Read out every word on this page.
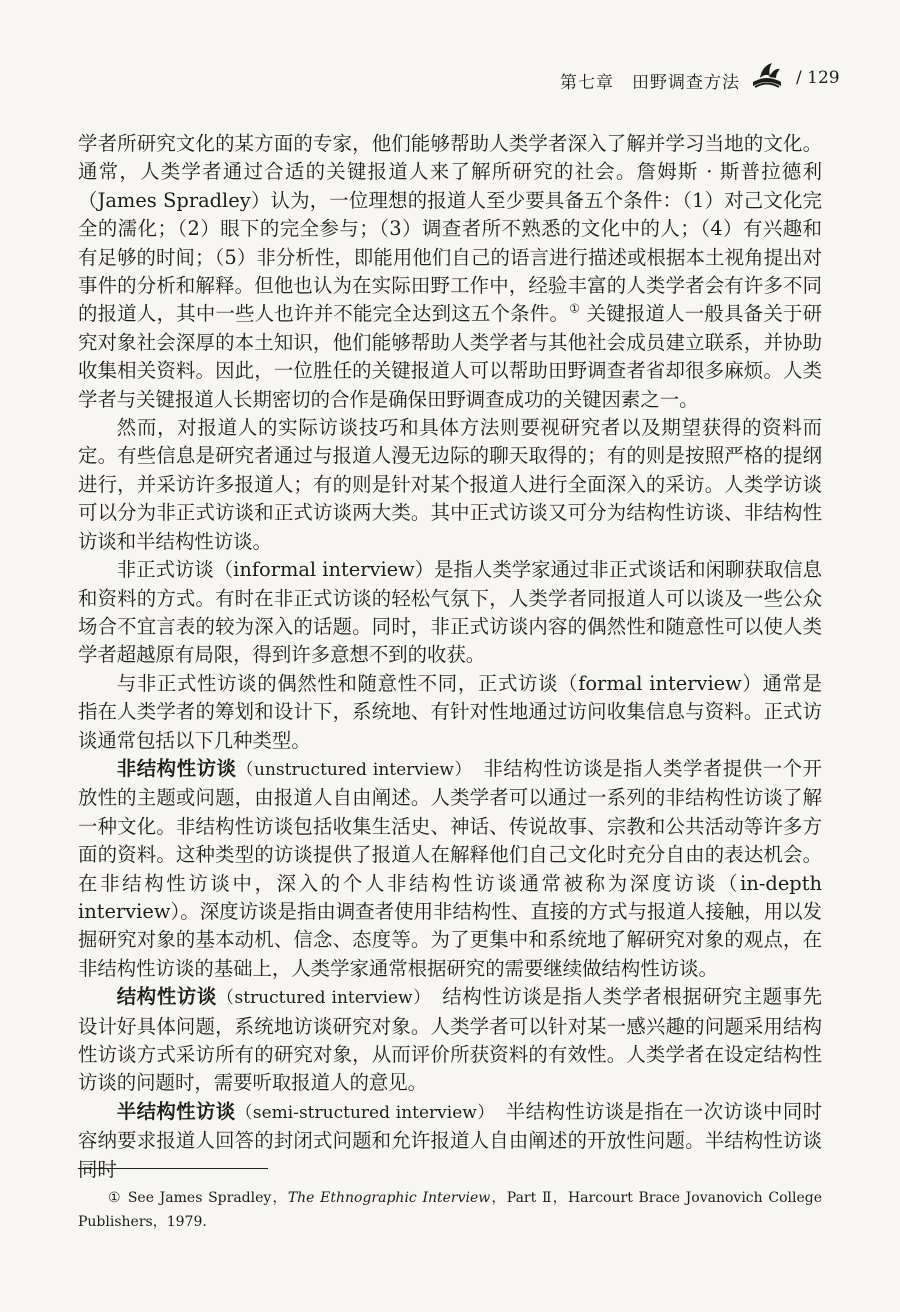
第七章　田野调查方法	/ 129

学者所研究文化的某方面的专家，他们能够帮助人类学者深入了解并学习当地的文化。通常，人类学者通过合适的关键报道人来了解所研究的社会。詹姆斯 · 斯普拉德利（James Spradley）认为，一位理想的报道人至少要具备五个条件：（1）对己文化完全的濡化；（2）眼下的完全参与；（3）调查者所不熟悉的文化中的人；（4）有兴趣和有足够的时间；（5）非分析性，即能用他们自己的语言进行描述或根据本土视角提出对事件的分析和解释。但他也认为在实际田野工作中，经验丰富的人类学者会有许多不同的报道人，其中一些人也许并不能完全达到这五个条件。① 关键报道人一般具备关于研究对象社会深厚的本土知识，他们能够帮助人类学者与其他社会成员建立联系，并协助收集相关资料。因此，一位胜任的关键报道人可以帮助田野调查者省却很多麻烦。人类学者与关键报道人长期密切的合作是确保田野调查成功的关键因素之一。

然而，对报道人的实际访谈技巧和具体方法则要视研究者以及期望获得的资料而定。有些信息是研究者通过与报道人漫无边际的聊天取得的；有的则是按照严格的提纲进行，并采访许多报道人；有的则是针对某个报道人进行全面深入的采访。人类学访谈可以分为非正式访谈和正式访谈两大类。其中正式访谈又可分为结构性访谈、非结构性访谈和半结构性访谈。

非正式访谈（informal interview）是指人类学家通过非正式谈话和闲聊获取信息和资料的方式。有时在非正式访谈的轻松气氛下，人类学者同报道人可以谈及一些公众场合不宜言表的较为深入的话题。同时，非正式访谈内容的偶然性和随意性可以使人类学者超越原有局限，得到许多意想不到的收获。

与非正式性访谈的偶然性和随意性不同，正式访谈（formal interview）通常是指在人类学者的筹划和设计下，系统地、有针对性地通过访问收集信息与资料。正式访谈通常包括以下几种类型。

非结构性访谈（unstructured interview）　非结构性访谈是指人类学者提供一个开放性的主题或问题，由报道人自由阐述。人类学者可以通过一系列的非结构性访谈了解一种文化。非结构性访谈包括收集生活史、神话、传说故事、宗教和公共活动等许多方面的资料。这种类型的访谈提供了报道人在解释他们自己文化时充分自由的表达机会。在非结构性访谈中，深入的个人非结构性访谈通常被称为深度访谈（in-depth interview）。深度访谈是指由调查者使用非结构性、直接的方式与报道人接触，用以发掘研究对象的基本动机、信念、态度等。为了更集中和系统地了解研究对象的观点，在非结构性访谈的基础上，人类学家通常根据研究的需要继续做结构性访谈。

结构性访谈（structured interview）　结构性访谈是指人类学者根据研究主题事先设计好具体问题，系统地访谈研究对象。人类学者可以针对某一感兴趣的问题采用结构性访谈方式采访所有的研究对象，从而评价所获资料的有效性。人类学者在设定结构性访谈的问题时，需要听取报道人的意见。

半结构性访谈（semi-structured interview）　半结构性访谈是指在一次访谈中同时容纳要求报道人回答的封闭式问题和允许报道人自由阐述的开放性问题。半结构性访谈同时

① See James Spradley，The Ethnographic Interview，Part Ⅱ，Harcourt Brace Jovanovich College Publishers，1979.
